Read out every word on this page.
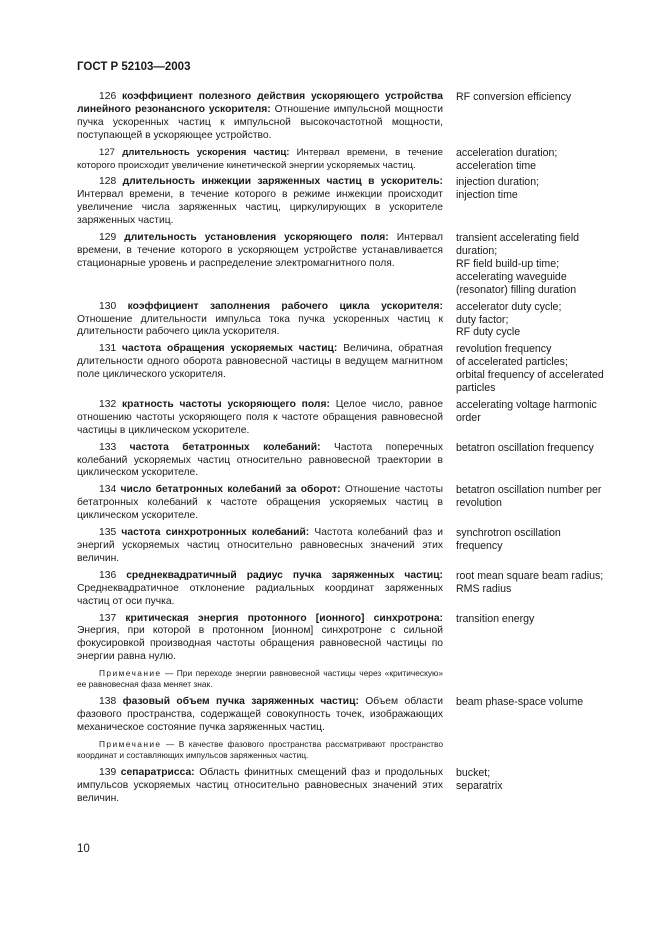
ГОСТ Р 52103—2003

126 коэффициент полезного действия ускоряющего устройства линейного резонансного ускорителя: Отношение импульсной мощности пучка ускоренных частиц к импульсной высокочастотной мощности, поступающей в ускоряющее устройство.

RF conversion efficiency

127 длительность ускорения частиц: Интервал времени, в течение которого происходит увеличение кинетической энергии ускоряемых частиц.

acceleration duration;
acceleration time

128 длительность инжекции заряженных частиц в ускоритель: Интервал времени, в течение которого в режиме инжекции происходит увеличение числа заряженных частиц, циркулирующих в ускорителе заряженных частиц.

injection duration;
injection time

129 длительность установления ускоряющего поля: Интервал времени, в течение которого в ускоряющем устройстве устанавливается стационарные уровень и распределение электромагнитного поля.

transient accelerating field duration;
RF field build-up time;
accelerating waveguide (resonator) filling duration

130 коэффициент заполнения рабочего цикла ускорителя: Отношение длительности импульса тока пучка ускоренных частиц к длительности рабочего цикла ускорителя.

accelerator duty cycle;
duty factor;
RF duty cycle

131 частота обращения ускоряемых частиц: Величина, обратная длительности одного оборота равновесной частицы в ведущем магнитном поле циклического ускорителя.

revolution frequency
of accelerated particles;
orbital frequency of accelerated particles

132 кратность частоты ускоряющего поля: Целое число, равное отношению частоты ускоряющего поля к частоте обращения равновесной частицы в циклическом ускорителе.

accelerating voltage harmonic order

133 частота бетатронных колебаний: Частота поперечных колебаний ускоряемых частиц относительно равновесной траектории в циклическом ускорителе.

betatron oscillation frequency

134 число бетатронных колебаний за оборот: Отношение частоты бетатронных колебаний к частоте обращения ускоряемых частиц в циклическом ускорителе.

betatron oscillation number per revolution

135 частота синхротронных колебаний: Частота колебаний фаз и энергий ускоряемых частиц относительно равновесных значений этих величин.

synchrotron oscillation
frequency

136 среднеквадратичный радиус пучка заряженных частиц: Среднеквадратичное отклонение радиальных координат заряженных частиц от оси пучка.

root mean square beam radius;
RMS radius

137 критическая энергия протонного [ионного] синхротрона: Энергия, при которой в протонном [ионном] синхротроне с сильной фокусировкой производная частоты обращения равновесной частицы по энергии равна нулю.

transition energy

Примечание — При переходе энергии равновесной частицы через «критическую» ее равновесная фаза меняет знак.

138 фазовый объем пучка заряженных частиц: Объем области фазового пространства, содержащей совокупность точек, изображающих механическое состояние пучка заряженных частиц.

beam phase-space volume

Примечание — В качестве фазового пространства рассматривают пространство координат и составляющих импульсов заряженных частиц.

139 сепаратрисса: Область финитных смещений фаз и продольных импульсов ускоряемых частиц относительно равновесных значений этих величин.

bucket;
separatrix
10
